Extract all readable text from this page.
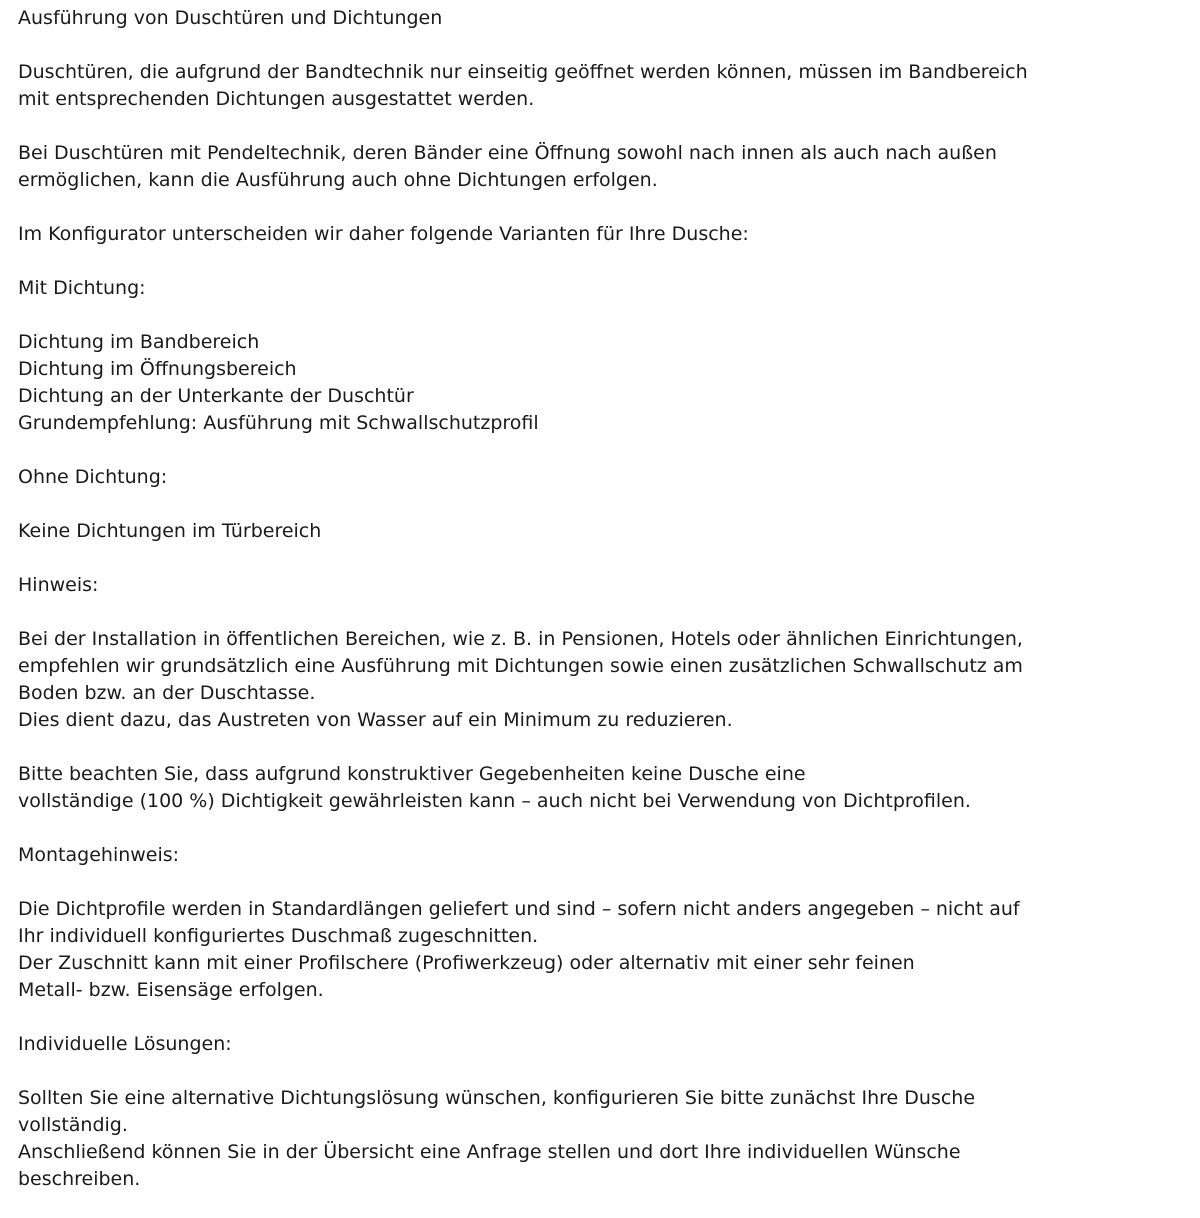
Ausführung von Duschtüren und Dichtungen
Duschtüren, die aufgrund der Bandtechnik nur einseitig geöffnet werden können, müssen im Bandbereich
mit entsprechenden Dichtungen ausgestattet werden.
Bei Duschtüren mit Pendeltechnik, deren Bänder eine Öffnung sowohl nach innen als auch nach außen
ermöglichen, kann die Ausführung auch ohne Dichtungen erfolgen.
Im Konfigurator unterscheiden wir daher folgende Varianten für Ihre Dusche:
Mit Dichtung:
Dichtung im Bandbereich
Dichtung im Öffnungsbereich
Dichtung an der Unterkante der Duschtür
Grundempfehlung: Ausführung mit Schwallschutzprofil
Ohne Dichtung:
Keine Dichtungen im Türbereich
Hinweis:
Bei der Installation in öffentlichen Bereichen, wie z. B. in Pensionen, Hotels oder ähnlichen Einrichtungen,
empfehlen wir grundsätzlich eine Ausführung mit Dichtungen sowie einen zusätzlichen Schwallschutz am
Boden bzw. an der Duschtasse.
Dies dient dazu, das Austreten von Wasser auf ein Minimum zu reduzieren.
Bitte beachten Sie, dass aufgrund konstruktiver Gegebenheiten keine Dusche eine
vollständige (100 %) Dichtigkeit gewährleisten kann – auch nicht bei Verwendung von Dichtprofilen.
Montagehinweis:
Die Dichtprofile werden in Standardlängen geliefert und sind – sofern nicht anders angegeben – nicht auf
Ihr individuell konfiguriertes Duschmaß zugeschnitten.
Der Zuschnitt kann mit einer Profilschere (Profiwerkzeug) oder alternativ mit einer sehr feinen
Metall- bzw. Eisensäge erfolgen.
Individuelle Lösungen:
Sollten Sie eine alternative Dichtungslösung wünschen, konfigurieren Sie bitte zunächst Ihre Dusche
vollständig.
Anschließend können Sie in der Übersicht eine Anfrage stellen und dort Ihre individuellen Wünsche
beschreiben.
